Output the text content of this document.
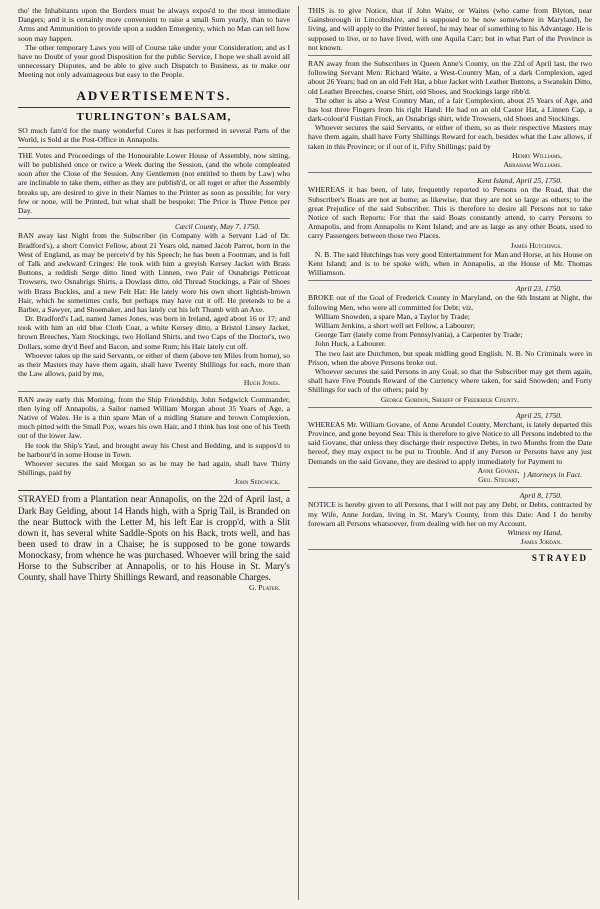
tho' the Inhabitants upon the Borders must be always expos'd to the most immediate Dangers; and it is certainly more convenient to raise a small Sum yearly, than to have Arms and Ammunition to provide upon a sudden Emergency, which no Man can tell how soon may happen.

The other temporary Laws you will of Course take under your Consideration; and as I have no Doubt of your good Disposition for the public Service, I hope we shall avoid all unnecessary Disputes, and be able to give such Dispatch to Business, as to make our Meeting not only advantageous but easy to the People.

ADVERTISEMENTS.
TURLINGTON's BALSAM,

SO much fam'd for the many wonderful Cures it has performed in several Parts of the World, is Sold at the Post-Office in Annapolis.

THE Votes and Proceedings of the Honourable Lower House of Assembly, now sitting, will be published once or twice a Week during the Session, (and the whole compleated soon after the Close of the Session. Any Gentlemen (not entitled to them by Law) who are inclinable to take them, either as they are publish'd, or all toget er after the Assembly breaks up, are desired to give in their Names to the Printer as soon as possible; for very few or none, will be Printed, but what shall be bespoke: The Price is Three Pence per Day.

Cæcil County, May 7, 1750.

RAN away last Night from the Subscriber (in Company with a Servant Lad of Dr. Bradford's), a short Convict Fellow, about 21 Years old, named Jacob Parrot, born in the West of England, as may be perceiv'd by his Speech; he has been a Footman, and is full of Talk and awkward Cringes: He took with him a greyish Kersey Jacket with Brass Buttons, a reddish Serge ditto lined with Linnen, two Pair of Osnabrigs Petticoat Trowsers, two Osnabrigs Shirts, a Dowlass ditto, old Thread Stockings, a Pair of Shoes with Brass Buckles, and a new Felt Hat: He lately wore his own short lightish-brown Hair, which he sometimes curls, but perhaps may have cut it off. He pretends to be a Barber, a Sawyer, and Shoemaker, and has lately cut his left Thumb with an Axe.

Dr. Bradford's Lad, named James Jones, was born in Ireland, aged about 16 or 17; and took with him an old blue Cloth Coat, a white Kersey ditto, a Bristol Linsey Jacket, brown Breeches, Yarn Stockings, two Holland Shirts, and two Caps of the Doctor's, two Dollars, some dry'd Beef and Bacon, and some Rum; his Hair lately cut off.

Whoever takes up the said Servants, or either of them (above ten Miles from home), so as their Masters may have them again, shall have Twenty Shillings for each, more than the Law allows, paid by me,

Hugh Jones.

RAN away early this Morning, from the Ship Friendship, John Sedgwick Commander, then lying off Annapolis, a Sailor named William Morgan about 35 Years of Age, a Native of Wales. He is a thin spare Man of a midling Stature and brown Complexion, much pitted with the Small Pox, wears his own Hair, and I think has lost one of his Teeth out of the lower Jaw.

He took the Ship's Yaul, and brought away his Chest and Bedding, and is suppos'd to be harbour'd in some House in Town.

Whoever secures the said Morgan so as he may be had again, shall have Thirty Shillings, paid by

John Sedgwick.

STRAYED from a Plantation near Annapolis, on the 22d of April last, a Dark Bay Gelding, about 14 Hands high, with a Sprig Tail, is Branded on the near Buttock with the Letter M, his left Ear is cropp'd, with a Slit down it, has several white Saddle-Spots on his Back, trots well, and has been used to draw in a Chaise; he is supposed to be gone towards Monockasy, from whence he was purchased. Whoever will bring the said Horse to the Subscriber at Annapolis, or to his House in St. Mary's County, shall have Thirty Shillings Reward, and reasonable Charges.

G. Plater.

THIS is to give Notice, that if John Waite, or Waites (who came from Blyton, near Gainsborough in Lincolnshire, and is supposed to be now somewhere in Maryland), be living, and will apply to the Printer hereof, he may hear of something to his Advantage. He is supposed to live, or to have lived, with one Aquila Carr; but in what Part of the Province is not known.

RAN away from the Subscribers in Queen Anne's County, on the 22d of April last, the two following Servant Men: Richard Waite, a West-Country Man, of a dark Complexion, aged about 26 Years; had on an old Felt Hat, a blue Jacket with Leather Buttons, a Swanskin Ditto, old Leather Breeches, coarse Shirt, old Shoes, and Stockings large ribb'd.

The other is also a West Country Man, of a fair Complexion, about 25 Years of Age, and has lost three Fingers from his right Hand: He had on an old Castor Hat, a Linnen Cap, a dark-colour'd Fustian Frock, an Osnabrigs shirt, wide Trowsers, old Shoes and Stockings.

Whoever secures the said Servants, or either of them, so as their respective Masters may have them again, shall have Forty Shillings Reward for each, besides what the Law allows, if taken in this Province; or if out of it, Fifty Shillings; paid by

Henry Williams,
Abraham Williams.
Kent Island, April 25, 1750.

WHEREAS it has been, of late, frequently reported to Persons on the Road, that the Subscriber's Boats are not at home; as likewise, that they are not so large as others; to the great Prejudice of the said Subscriber. This is therefore to desire all Persons not to take Notice of such Reports: For that the said Boats constantly attend, to carry Persons to Annapolis, and from Annapolis to Kent Island; and are as large as any other Boats, used to carry Passengers between those two Places.

James Hutchings.

N. B. The said Hutchings has very good Entertainment for Man and Horse, at his House on Kent Island; and is to be spoke with, when in Annapolis, at the House of Mr. Thomas Williamson.

April 23, 1750.

BROKE out of the Goal of Frederick County in Maryland, on the 6th Instant at Night, the following Men, who were all committed for Debt; viz.

William Snowden, a spare Man, a Taylor by Trade;

William Jenkins, a short well set Fellow, a Labourer;

George Tarr (lately come from Pennsylvania), a Carpenter by Trade;

John Huck, a Labourer.

The two last are Dutchmen, but speak midling good English. N. B. No Criminals were in Prison, when the above Persons broke out.

Whoever secures the said Persons in any Goal, so that the Subscriber may get them again, shall have Five Pounds Reward of the Currency where taken, for said Snowden; and Forty Shillings for each of the others; paid by

George Gordon, Sheriff of Frederick County.
April 25, 1750.

WHEREAS Mr. William Govane, of Anne Arundel County, Merchant, is lately departed this Province, and gone beyond Sea: This is therefore to give Notice to all Persons indebted to the said Govane, that unless they discharge their respective Debts, in two Months from the Date hereof, they may expect to be put to Trouble. And if any Person or Persons have any just Demands on the said Govane, they are desired to apply immediately for Payment to

Anne Govane,
Geo. Steuart,
} Attorneys in Fact.
April 8, 1750.

NOTICE is hereby given to all Persons, that I will not pay any Debt, or Debts, contracted by my Wife, Anne Jordan, living in St. Mary's County, from this Date: And I do hereby forewarn all Persons whatsoever, from dealing with her on my Account.

Witness my Hand,
James Jordan.
STRAYED
